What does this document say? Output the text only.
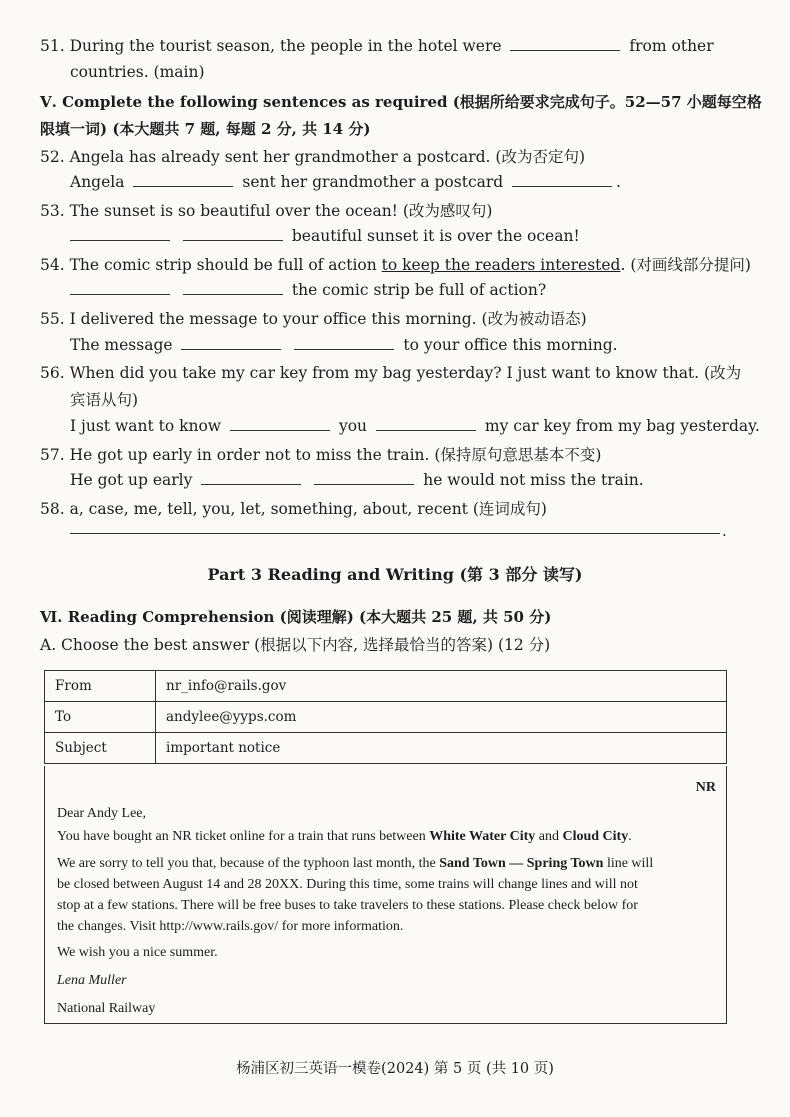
51. During the tourist season, the people in the hotel were	from other
countries. (main)
Ⅴ. Complete the following sentences as required (根据所给要求完成句子。52—57 小题每空格
限填一词) (本大题共 7 题, 每题 2 分, 共 14 分)
52. Angela has already sent her grandmother a postcard. (改为否定句)
Angela	sent her grandmother a postcard	.
53. The sunset is so beautiful over the ocean! (改为感叹句)
beautiful sunset it is over the ocean!
54. The comic strip should be full of action to keep the readers interested. (对画线部分提问)
the comic strip be full of action?
55. I delivered the message to your office this morning. (改为被动语态)
The message	to your office this morning.
56. When did you take my car key from my bag yesterday? I just want to know that. (改为
宾语从句)
I just want to know	you	my car key from my bag yesterday.
57. He got up early in order not to miss the train. (保持原句意思基本不变)
He got up early	he would not miss the train.
58. a, case, me, tell, you, let, something, about, recent (连词成句)
.
Part 3 Reading and Writing (第 3 部分 读写)
Ⅵ. Reading Comprehension (阅读理解) (本大题共 25 题, 共 50 分)
A. Choose the best answer (根据以下内容, 选择最恰当的答案) (12 分)
From	nr_info@rails.gov
To	andylee@yyps.com
Subject	important notice
NR
Dear Andy Lee,
You have bought an NR ticket online for a train that runs between White Water City and Cloud City.
We are sorry to tell you that, because of the typhoon last month, the Sand Town — Spring Town line will
be closed between August 14 and 28 20XX. During this time, some trains will change lines and will not
stop at a few stations. There will be free buses to take travelers to these stations. Please check below for
the changes. Visit http://www.rails.gov/ for more information.
We wish you a nice summer.
Lena Muller
National Railway
杨浦区初三英语一模卷(2024) 第 5 页 (共 10 页)
